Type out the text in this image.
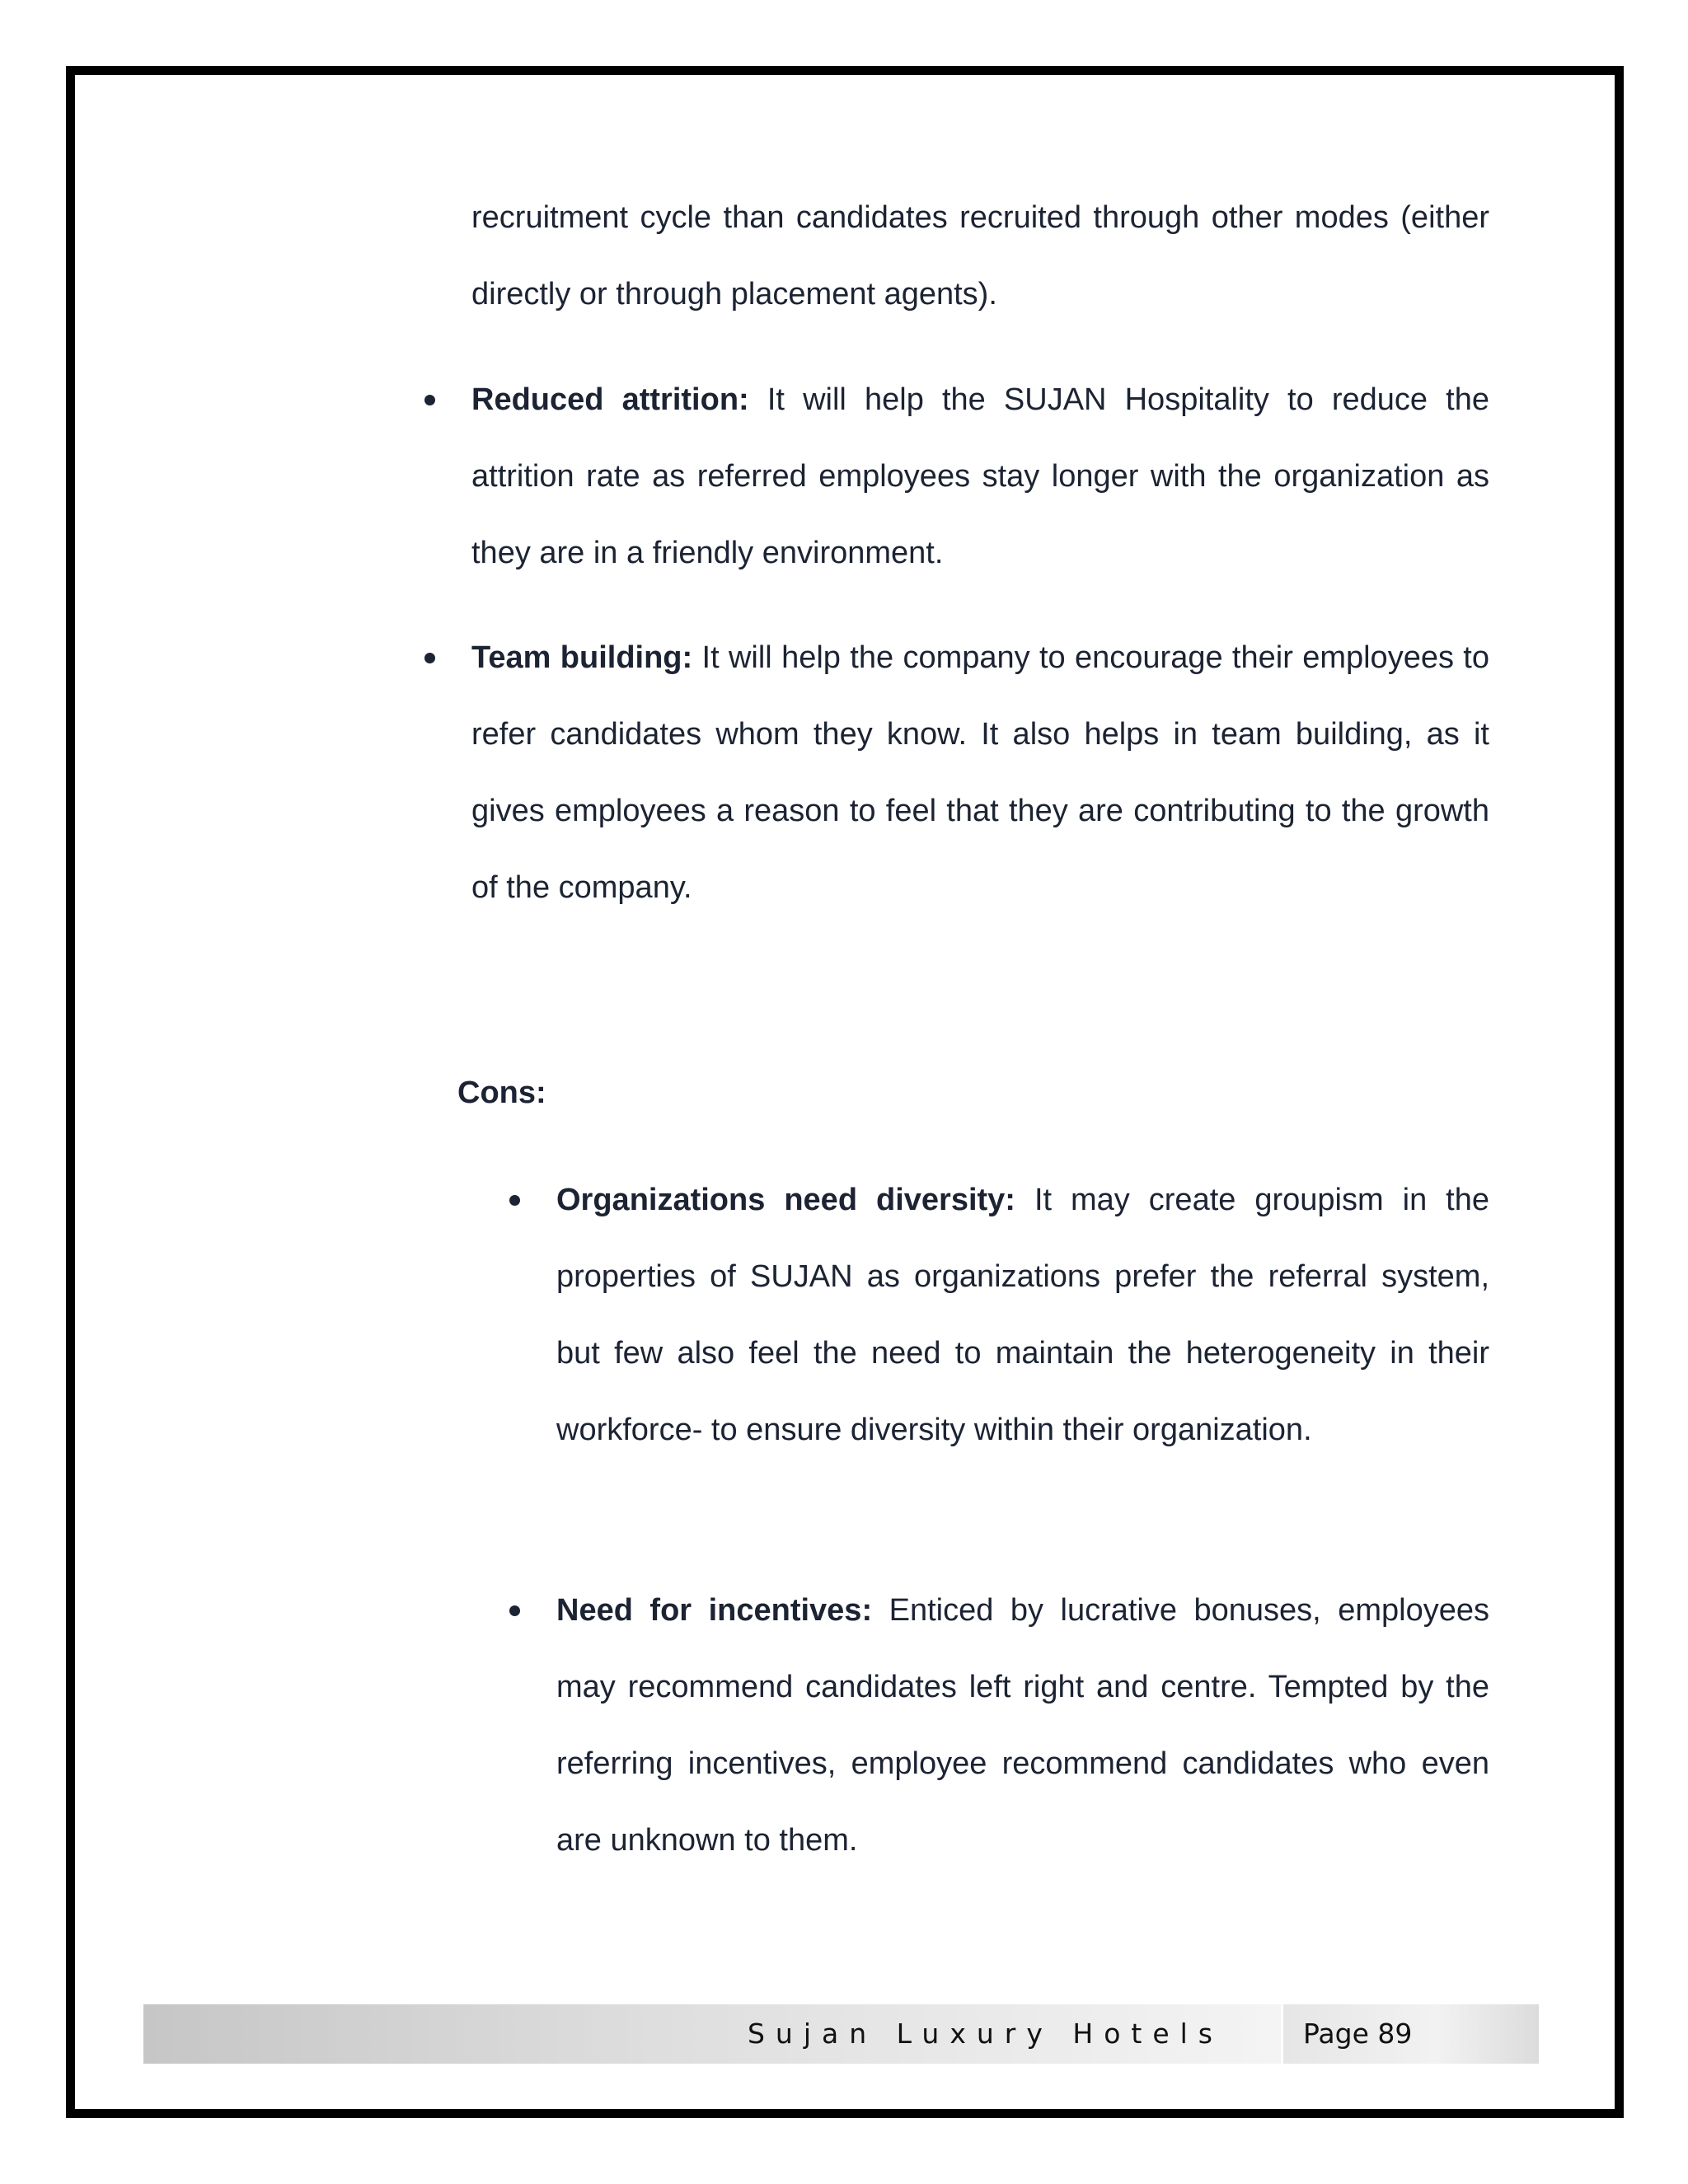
recruitment cycle than candidates recruited through other modes (either directly or through placement agents).

Reduced attrition: It will help the SUJAN Hospitality to reduce the attrition rate as referred employees stay longer with the organization as they are in a friendly environment.

Team building: It will help the company to encourage their employees to refer candidates whom they know. It also helps in team building, as it gives employees a reason to feel that they are contributing to the growth of the company.

Cons:

Organizations need diversity: It may create groupism in the properties of SUJAN as organizations prefer the referral system, but few also feel the need to maintain the heterogeneity in their workforce- to ensure diversity within their organization.

Need for incentives: Enticed by lucrative bonuses, employees may recommend candidates left right and centre. Tempted by the referring incentives, employee recommend candidates who even are unknown to them.

Sujan Luxury Hotels	Page 89
